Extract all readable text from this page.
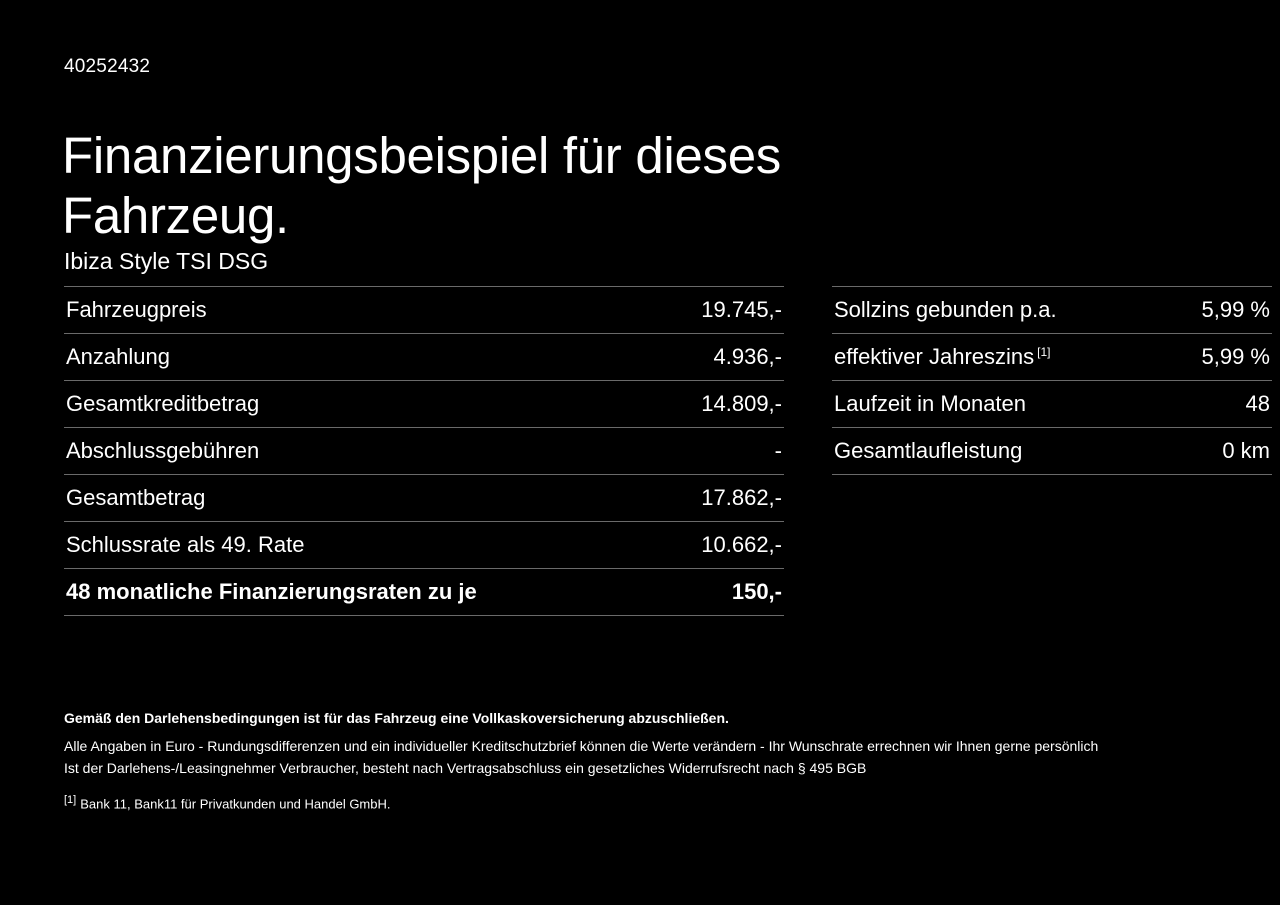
40252432
Finanzierungsbeispiel für dieses Fahrzeug.
Ibiza Style TSI DSG
Fahrzeugpreis	19.745,-
Anzahlung	4.936,-
Gesamtkreditbetrag	14.809,-
Abschlussgebühren	-
Gesamtbetrag	17.862,-
Schlussrate als 49. Rate	10.662,-
48 monatliche Finanzierungsraten zu je	150,-
Sollzins gebunden p.a.	5,99 %
effektiver Jahreszins [1]	5,99 %
Laufzeit in Monaten	48
Gesamtlaufleistung	0 km
Gemäß den Darlehensbedingungen ist für das Fahrzeug eine Vollkaskoversicherung abzuschließen.
Alle Angaben in Euro - Rundungsdifferenzen und ein individueller Kreditschutzbrief können die Werte verändern - Ihr Wunschrate errechnen wir Ihnen gerne persönlich
Ist der Darlehens-/Leasingnehmer Verbraucher, besteht nach Vertragsabschluss ein gesetzliches Widerrufsrecht nach § 495 BGB
[1] Bank 11, Bank11 für Privatkunden und Handel GmbH.
